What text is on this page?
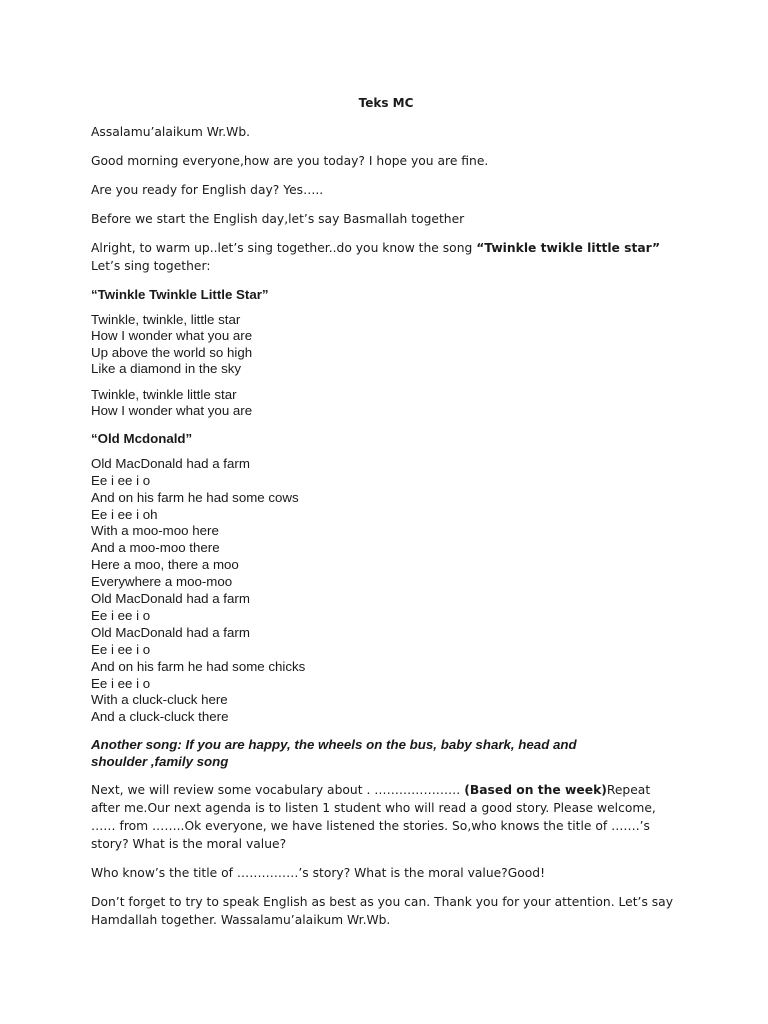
Teks MC
Assalamu’alaikum Wr.Wb.
Good morning everyone,how are you today? I hope you are fine.
Are you ready for English day? Yes…..
Before we start the English day,let’s say Basmallah together
Alright, to warm up..let’s sing together..do you know the song “Twinkle twikle little star” Let’s sing together:
“Twinkle Twinkle Little Star”
Twinkle, twinkle, little star
How I wonder what you are
Up above the world so high
Like a diamond in the sky
Twinkle, twinkle little star
How I wonder what you are
“Old Mcdonald”
Old MacDonald had a farm
Ee i ee i o
And on his farm he had some cows
Ee i ee i oh
With a moo-moo here
And a moo-moo there
Here a moo, there a moo
Everywhere a moo-moo
Old MacDonald had a farm
Ee i ee i o
Old MacDonald had a farm
Ee i ee i o
And on his farm he had some chicks
Ee i ee i o
With a cluck-cluck here
And a cluck-cluck there
Another song: If you are happy, the wheels on the bus, baby shark, head and shoulder ,family song
Next, we will review some vocabulary about . ………………… (Based on the week)Repeat after me.Our next agenda is to listen 1 student who will read a good story. Please welcome, …… from ……..Ok everyone, we have listened the stories. So,who knows the title of …….’s story? What is the moral value?
Who know’s the title of ……………’s story? What is the moral value?Good!
Don’t forget to try to speak English as best as you can. Thank you for your attention. Let’s say Hamdallah together. Wassalamu’alaikum Wr.Wb.
